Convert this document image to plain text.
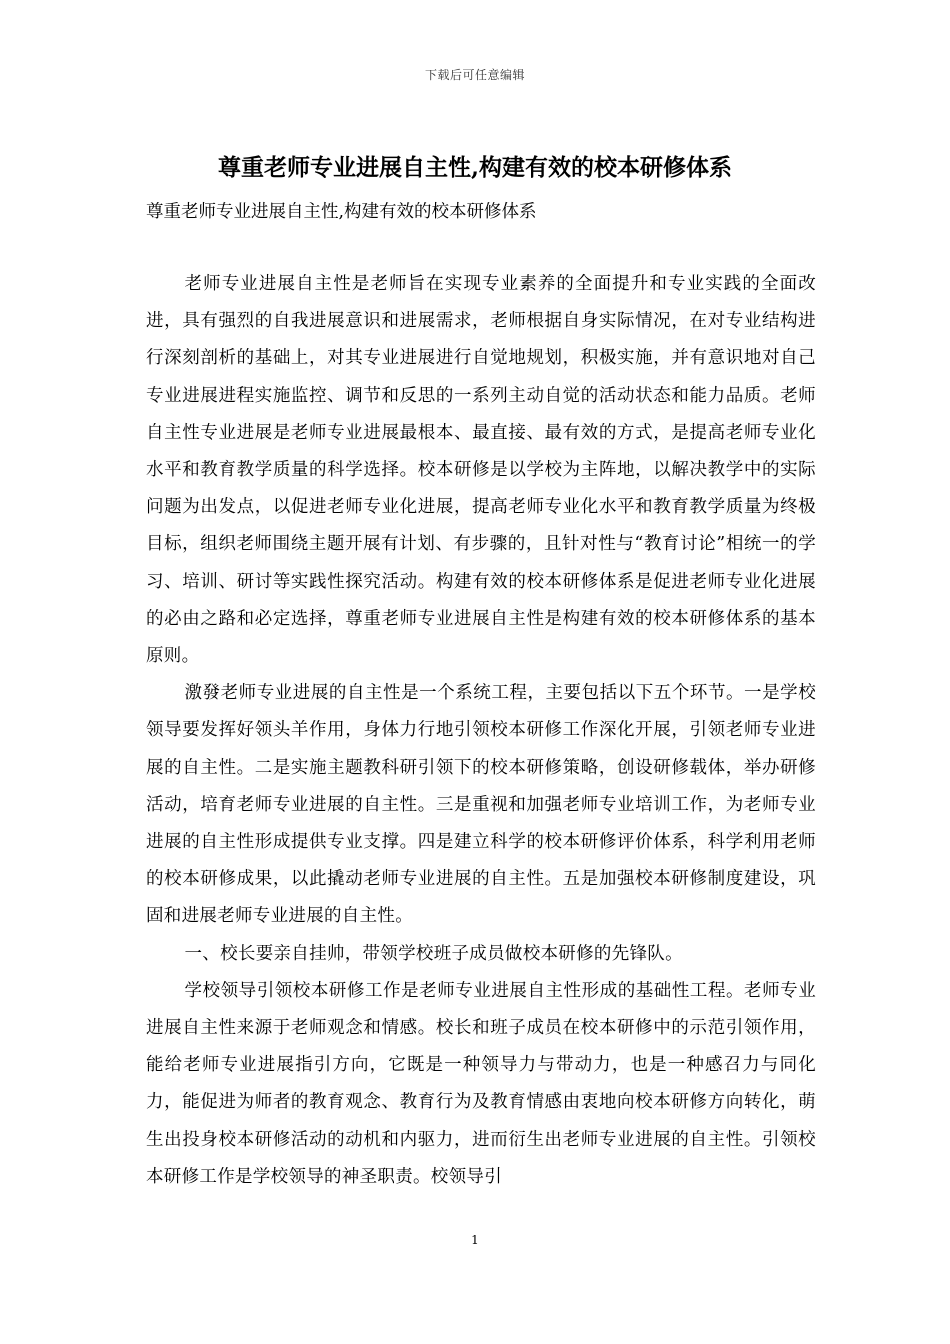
下载后可任意编辑
尊重老师专业进展自主性,构建有效的校本研修体系
尊重老师专业进展自主性,构建有效的校本研修体系

老师专业进展自主性是老师旨在实现专业素养的全面提升和专业实践的全面改进，具有强烈的自我进展意识和进展需求，老师根据自身实际情况，在对专业结构进行深刻剖析的基础上，对其专业进展进行自觉地规划，积极实施，并有意识地对自己专业进展进程实施监控、调节和反思的一系列主动自觉的活动状态和能力品质。老师自主性专业进展是老师专业进展最根本、最直接、最有效的方式，是提高老师专业化水平和教育教学质量的科学选择。校本研修是以学校为主阵地，以解决教学中的实际问题为出发点，以促进老师专业化进展，提高老师专业化水平和教育教学质量为终极目标，组织老师围绕主题开展有计划、有步骤的，且针对性与“教育讨论”相统一的学习、培训、研讨等实践性探究活动。构建有效的校本研修体系是促进老师专业化进展的必由之路和必定选择，尊重老师专业进展自主性是构建有效的校本研修体系的基本原则。

激發老师专业进展的自主性是一个系统工程，主要包括以下五个环节。一是学校领导要发挥好领头羊作用，身体力行地引领校本研修工作深化开展，引领老师专业进展的自主性。二是实施主题教科研引领下的校本研修策略，创设研修载体，举办研修活动，培育老师专业进展的自主性。三是重视和加强老师专业培训工作，为老师专业进展的自主性形成提供专业支撑。四是建立科学的校本研修评价体系，科学利用老师的校本研修成果，以此撬动老师专业进展的自主性。五是加强校本研修制度建设，巩固和进展老师专业进展的自主性。

一、校长要亲自挂帅，带领学校班子成员做校本研修的先锋队。

学校领导引领校本研修工作是老师专业进展自主性形成的基础性工程。老师专业进展自主性来源于老师观念和情感。校长和班子成员在校本研修中的示范引领作用，能给老师专业进展指引方向，它既是一种领导力与带动力，也是一种感召力与同化力，能促进为师者的教育观念、教育行为及教育情感由衷地向校本研修方向转化，萌生出投身校本研修活动的动机和内驱力，进而衍生出老师专业进展的自主性。引领校本研修工作是学校领导的神圣职责。校领导引

1
